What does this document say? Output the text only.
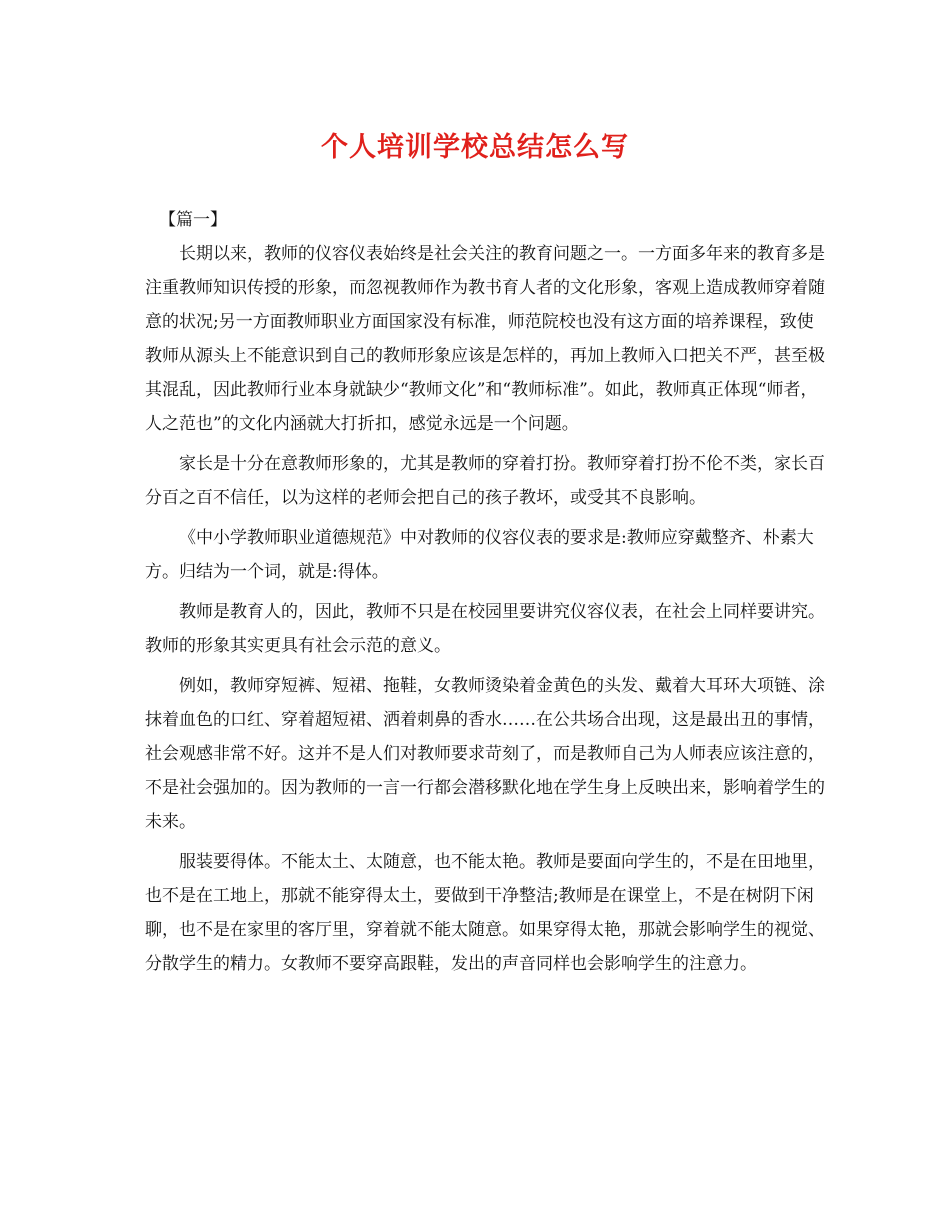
个人培训学校总结怎么写
【篇一】

长期以来，教师的仪容仪表始终是社会关注的教育问题之一。一方面多年来的教育多是注重教师知识传授的形象，而忽视教师作为教书育人者的文化形象，客观上造成教师穿着随意的状况;另一方面教师职业方面国家没有标准，师范院校也没有这方面的培养课程，致使教师从源头上不能意识到自己的教师形象应该是怎样的，再加上教师入口把关不严，甚至极其混乱，因此教师行业本身就缺少“教师文化”和“教师标准”。如此，教师真正体现“师者，人之范也”的文化内涵就大打折扣，感觉永远是一个问题。

家长是十分在意教师形象的，尤其是教师的穿着打扮。教师穿着打扮不伦不类，家长百分百之百不信任，以为这样的老师会把自己的孩子教坏，或受其不良影响。

《中小学教师职业道德规范》中对教师的仪容仪表的要求是:教师应穿戴整齐、朴素大方。归结为一个词，就是:得体。

教师是教育人的，因此，教师不只是在校园里要讲究仪容仪表，在社会上同样要讲究。教师的形象其实更具有社会示范的意义。

例如，教师穿短裤、短裙、拖鞋，女教师烫染着金黄色的头发、戴着大耳环大项链、涂抹着血色的口红、穿着超短裙、洒着刺鼻的香水……在公共场合出现，这是最出丑的事情，社会观感非常不好。这并不是人们对教师要求苛刻了，而是教师自己为人师表应该注意的，不是社会强加的。因为教师的一言一行都会潜移默化地在学生身上反映出来，影响着学生的未来。

服装要得体。不能太土、太随意，也不能太艳。教师是要面向学生的，不是在田地里，也不是在工地上，那就不能穿得太土，要做到干净整洁;教师是在课堂上，不是在树阴下闲聊，也不是在家里的客厅里，穿着就不能太随意。如果穿得太艳，那就会影响学生的视觉、分散学生的精力。女教师不要穿高跟鞋，发出的声音同样也会影响学生的注意力。
